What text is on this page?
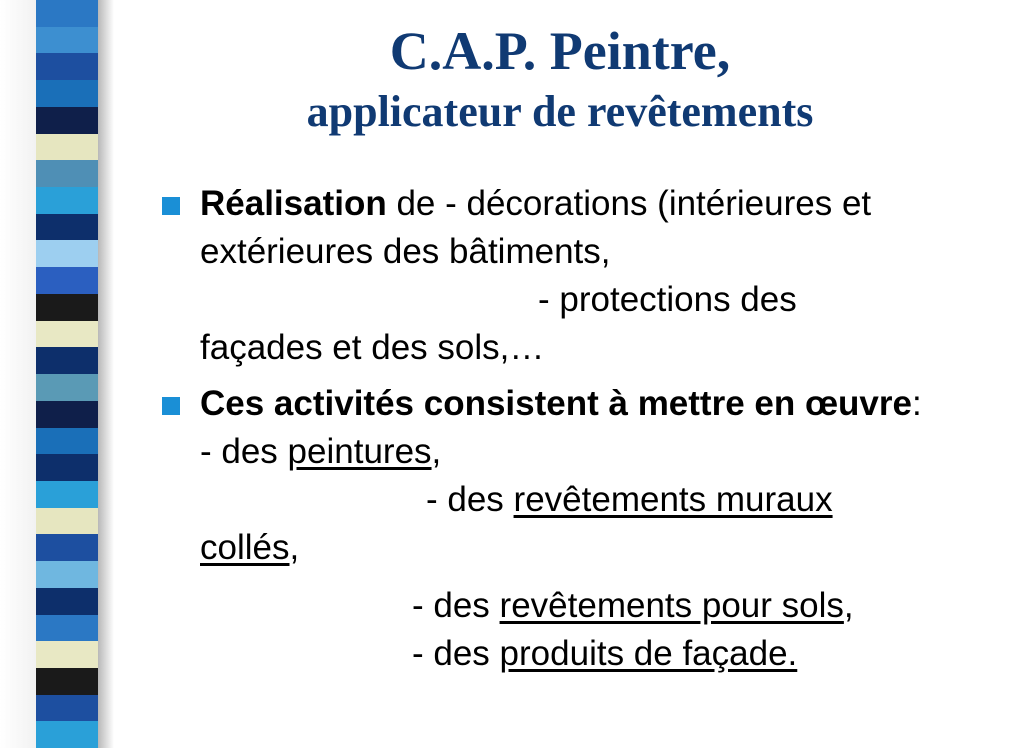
C.A.P. Peintre,
applicateur de revêtements
Réalisation de - décorations (intérieures et extérieures des bâtiments,
- protections des
façades et des sols,…
Ces activités consistent à mettre en œuvre: - des peintures,
- des revêtements muraux
collés,

- des revêtements pour sols,
- des produits de façade.
